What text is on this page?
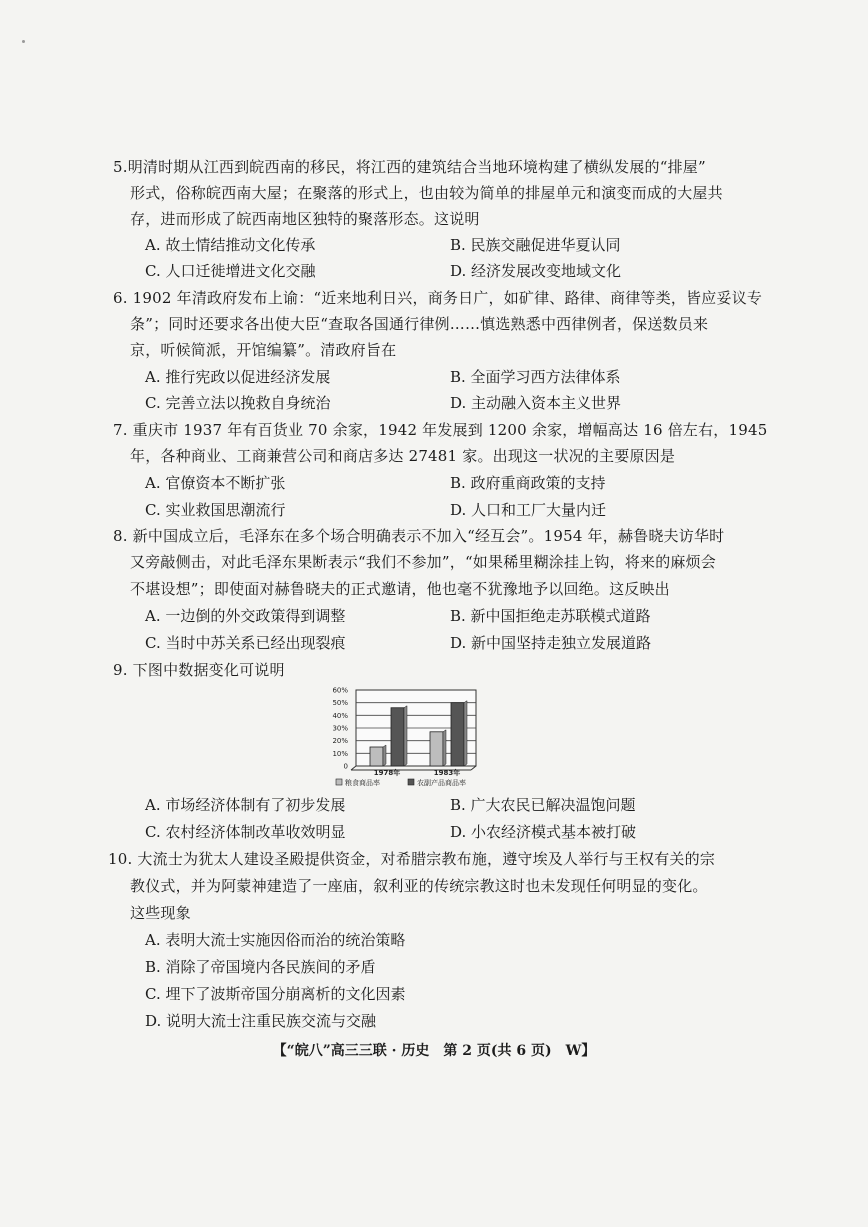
5.明清时期从江西到皖西南的移民，将江西的建筑结合当地环境构建了横纵发展的“排屋”
形式，俗称皖西南大屋；在聚落的形式上，也由较为简单的排屋单元和演变而成的大屋共
存，进而形成了皖西南地区独特的聚落形态。这说明
A. 故土情结推动文化传承	B. 民族交融促进华夏认同
C. 人口迁徙增进文化交融	D. 经济发展改变地域文化
6. 1902 年清政府发布上谕：“近来地利日兴，商务日广，如矿律、路律、商律等类，皆应妥议专
条”；同时还要求各出使大臣“查取各国通行律例……慎选熟悉中西律例者，保送数员来
京，听候简派，开馆编纂”。清政府旨在
A. 推行宪政以促进经济发展	B. 全面学习西方法律体系
C. 完善立法以挽救自身统治	D. 主动融入资本主义世界
7. 重庆市 1937 年有百货业 70 余家，1942 年发展到 1200 余家，增幅高达 16 倍左右，1945
年，各种商业、工商兼营公司和商店多达 27481 家。出现这一状况的主要原因是
A. 官僚资本不断扩张	B. 政府重商政策的支持
C. 实业救国思潮流行	D. 人口和工厂大量内迁
8. 新中国成立后，毛泽东在多个场合明确表示不加入“经互会”。1954 年，赫鲁晓夫访华时
又旁敲侧击，对此毛泽东果断表示“我们不参加”，“如果稀里糊涂挂上钩，将来的麻烦会
不堪设想”；即使面对赫鲁晓夫的正式邀请，他也毫不犹豫地予以回绝。这反映出
A. 一边倒的外交政策得到调整	B. 新中国拒绝走苏联模式道路
C. 当时中苏关系已经出现裂痕	D. 新中国坚持走独立发展道路
9. 下图中数据变化可说明
0
10%
20%
30%
40%
50%
60%
1978年	1983年
粮食商品率	农副产品商品率
A. 市场经济体制有了初步发展	B. 广大农民已解决温饱问题
C. 农村经济体制改革收效明显	D. 小农经济模式基本被打破
10. 大流士为犹太人建设圣殿提供资金，对希腊宗教布施，遵守埃及人举行与王权有关的宗
教仪式，并为阿蒙神建造了一座庙，叙利亚的传统宗教这时也未发现任何明显的变化。
这些现象
A. 表明大流士实施因俗而治的统治策略
B. 消除了帝国境内各民族间的矛盾
C. 埋下了波斯帝国分崩离析的文化因素
D. 说明大流士注重民族交流与交融
【“皖八”高三三联 · 历史　第 2 页(共 6 页)　W】
